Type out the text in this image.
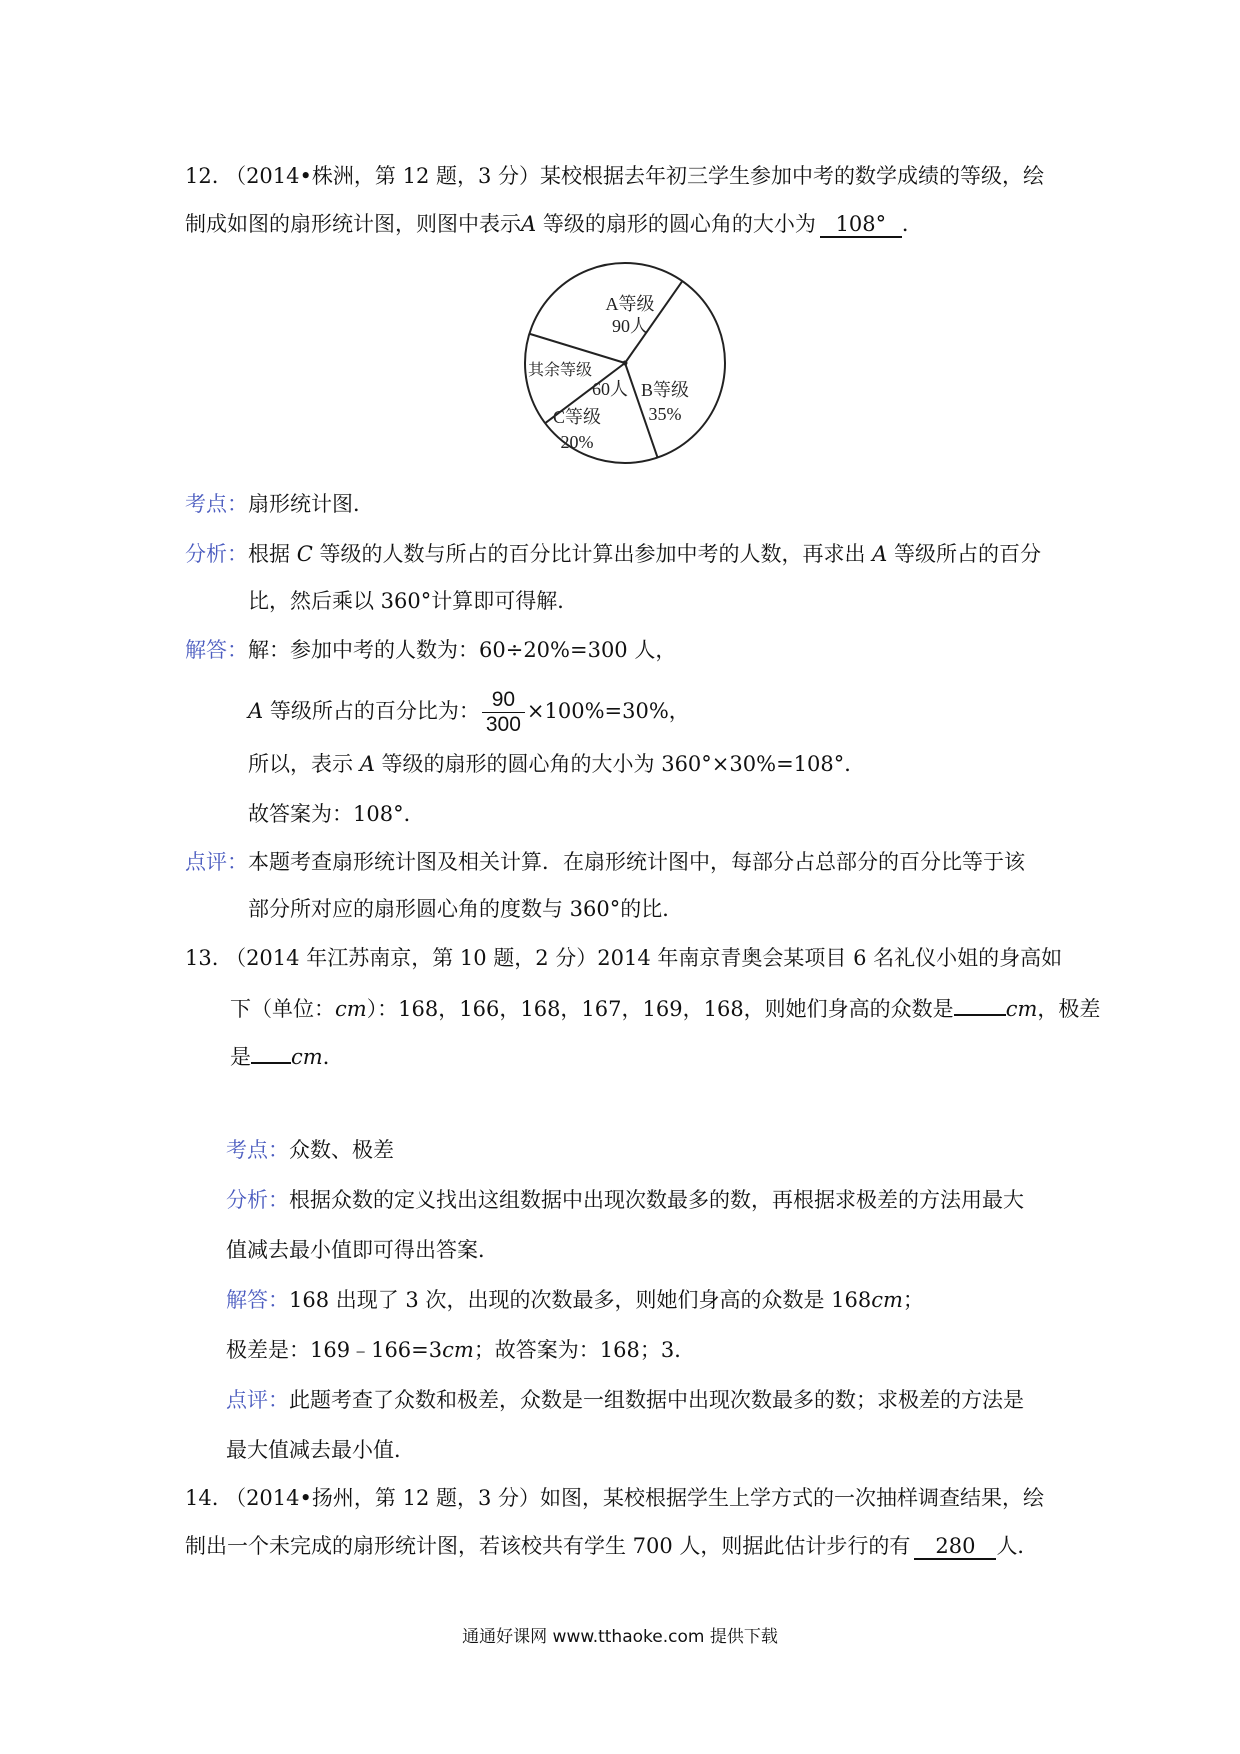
12. （2014•株洲，第 12 题，3 分）某校根据去年初三学生参加中考的数学成绩的等级，绘
制成如图的扇形统计图，则图中表示A 等级的扇形的圆心角的大小为 108° ．
A等级
90人
B等级
35%
C等级
20%
其余等级
60人
考点：扇形统计图．
分析：根据 C 等级的人数与所占的百分比计算出参加中考的人数，再求出 A 等级所占的百分
比，然后乘以 360°计算即可得解．
解答：解：参加中考的人数为：60÷20%=300 人，
A 等级所占的百分比为： $\frac{90}{300} \times 100\%=30\%$，
所以，表示 A 等级的扇形的圆心角的大小为 360°×30%=108°．
故答案为：108°．
点评：本题考查扇形统计图及相关计算．在扇形统计图中，每部分占总部分的百分比等于该
部分所对应的扇形圆心角的度数与 360°的比．
13. （2014 年江苏南京，第 10 题，2 分）2014 年南京青奥会某项目 6 名礼仪小姐的身高如
下（单位：cm）：168，166，168，167，169，168，则她们身高的众数是 cm，极差
是 cm．
考点：众数、极差
分析：根据众数的定义找出这组数据中出现次数最多的数，再根据求极差的方法用最大
值减去最小值即可得出答案．
解答：168 出现了 3 次，出现的次数最多，则她们身高的众数是 168cm；
极差是：169﹣166=3cm；故答案为：168；3．
点评：此题考查了众数和极差，众数是一组数据中出现次数最多的数；求极差的方法是
最大值减去最小值．
14. （2014•扬州，第 12 题，3 分）如图，某校根据学生上学方式的一次抽样调查结果，绘
制出一个未完成的扇形统计图，若该校共有学生 700 人，则据此估计步行的有 280 人．
通通好课网 www.tthaoke.com 提供下载
